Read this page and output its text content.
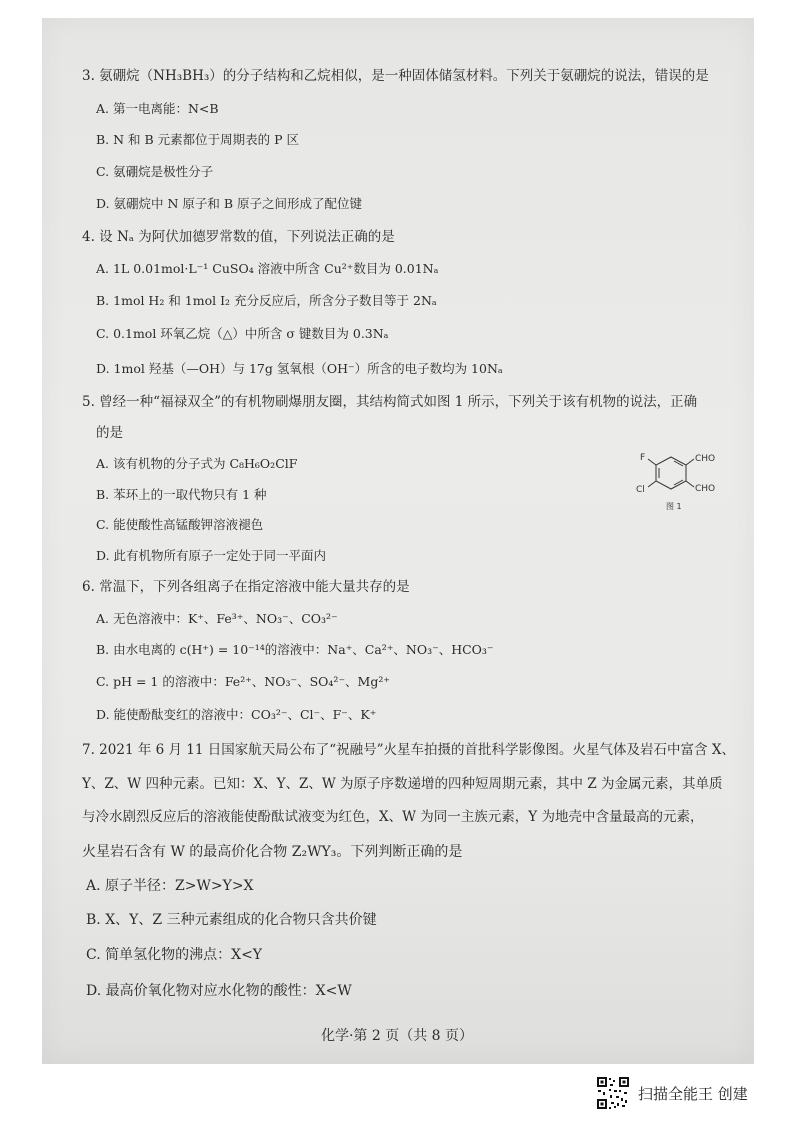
3. 氨硼烷（NH₃BH₃）的分子结构和乙烷相似，是一种固体储氢材料。下列关于氨硼烷的说法，错误的是
A. 第一电离能：N<B
B. N 和 B 元素都位于周期表的 P 区
C. 氨硼烷是极性分子
D. 氨硼烷中 N 原子和 B 原子之间形成了配位键
4. 设 Nₐ 为阿伏加德罗常数的值，下列说法正确的是
A. 1L 0.01mol·L⁻¹ CuSO₄ 溶液中所含 Cu²⁺数目为 0.01Nₐ
B. 1mol H₂ 和 1mol I₂ 充分反应后，所含分子数目等于 2Nₐ
C. 0.1mol 环氧乙烷（△）中所含 σ 键数目为 0.3Nₐ
D. 1mol 羟基（—OH）与 17g 氢氧根（OH⁻）所含的电子数均为 10Nₐ
5. 曾经一种“福禄双全”的有机物刷爆朋友圈，其结构简式如图 1 所示，下列关于该有机物的说法，正确
的是
A. 该有机物的分子式为 C₈H₆O₂ClF
B. 苯环上的一取代物只有 1 种
C. 能使酸性高锰酸钾溶液褪色
D. 此有机物所有原子一定处于同一平面内
F
Cl
CHO
CHO
图 1
6. 常温下，下列各组离子在指定溶液中能大量共存的是
A. 无色溶液中：K⁺、Fe³⁺、NO₃⁻、CO₃²⁻
B. 由水电离的 c(H⁺) = 10⁻¹⁴的溶液中：Na⁺、Ca²⁺、NO₃⁻、HCO₃⁻
C. pH = 1 的溶液中：Fe²⁺、NO₃⁻、SO₄²⁻、Mg²⁺
D. 能使酚酞变红的溶液中：CO₃²⁻、Cl⁻、F⁻、K⁺
7. 2021 年 6 月 11 日国家航天局公布了“祝融号”火星车拍摄的首批科学影像图。火星气体及岩石中富含 X、
Y、Z、W 四种元素。已知：X、Y、Z、W 为原子序数递增的四种短周期元素，其中 Z 为金属元素，其单质
与冷水剧烈反应后的溶液能使酚酞试液变为红色，X、W 为同一主族元素，Y 为地壳中含量最高的元素，
火星岩石含有 W 的最高价化合物 Z₂WY₃。下列判断正确的是
A. 原子半径：Z>W>Y>X
B. X、Y、Z 三种元素组成的化合物只含共价键
C. 简单氢化物的沸点：X<Y
D. 最高价氧化物对应水化物的酸性：X<W
化学·第 2 页（共 8 页）
扫描全能王 创建
